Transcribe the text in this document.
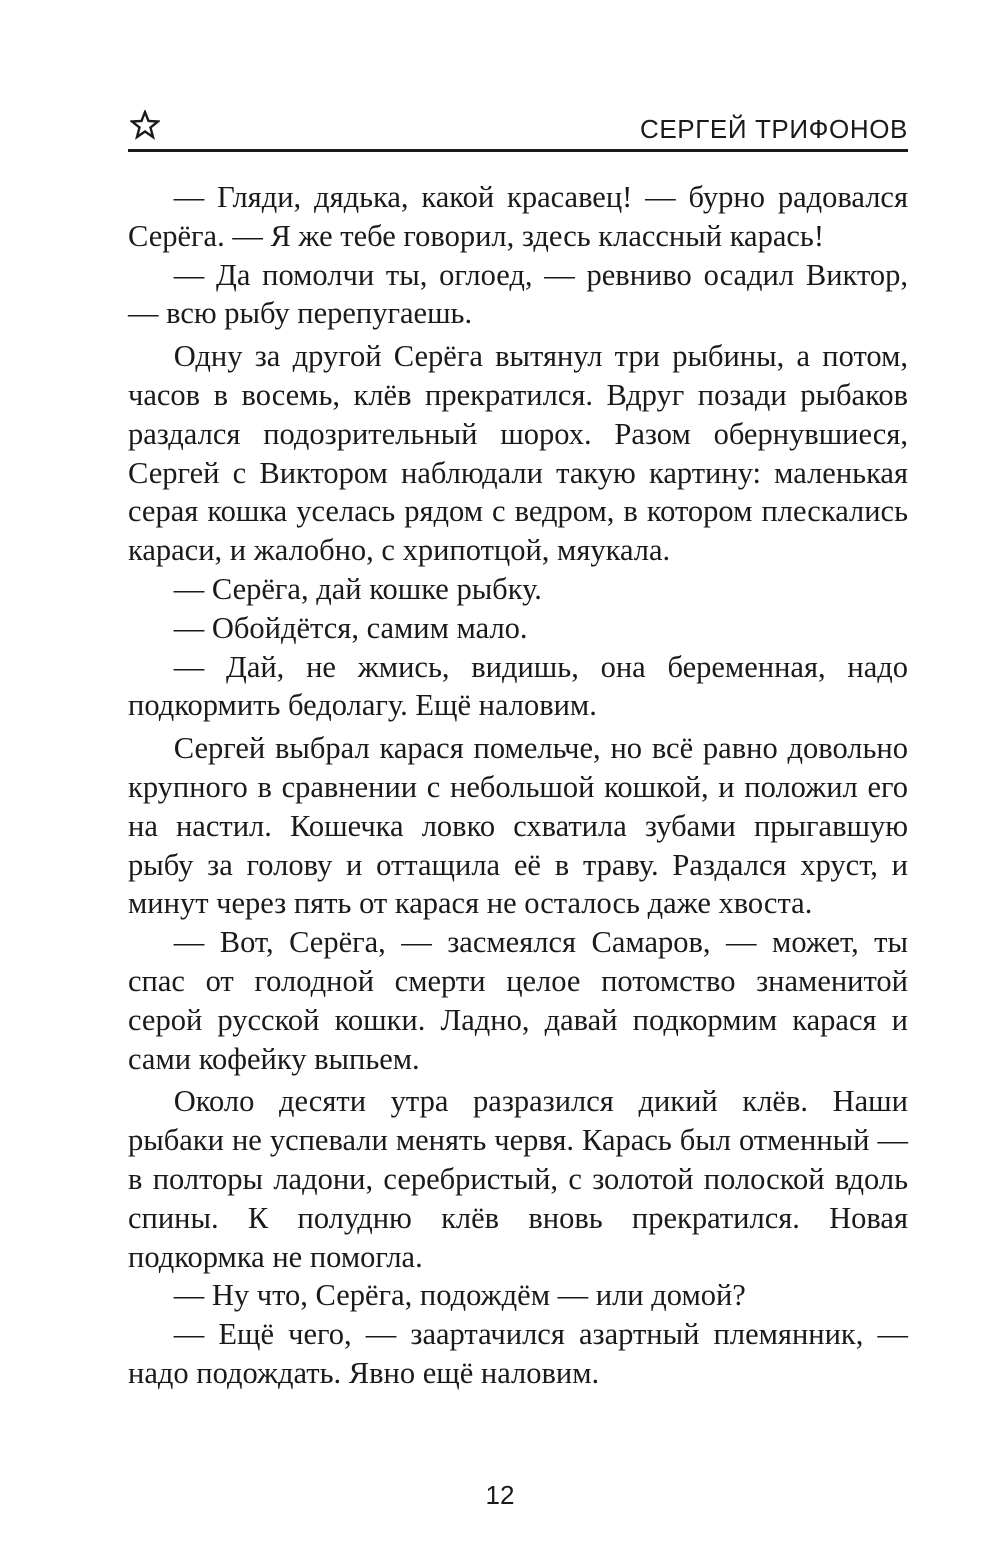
СЕРГЕЙ ТРИФОНОВ

— Гляди, дядька, какой красавец! — бурно радовался Серёга. — Я же тебе говорил, здесь классный карась!

— Да помолчи ты, оглоед, — ревниво осадил Виктор, — всю рыбу перепугаешь.

Одну за другой Серёга вытянул три рыбины, а потом, часов в восемь, клёв прекратился. Вдруг позади рыбаков раздался подозрительный шорох. Разом обернувшиеся, Сергей с Виктором наблюдали такую картину: маленькая серая кошка уселась рядом с ведром, в котором плескались караси, и жалобно, с хрипотцой, мяукала.

— Серёга, дай кошке рыбку.

— Обойдётся, самим мало.

— Дай, не жмись, видишь, она беременная, надо подкормить бедолагу. Ещё наловим.

Сергей выбрал карася помельче, но всё равно довольно крупного в сравнении с небольшой кошкой, и положил его на настил. Кошечка ловко схватила зубами прыгавшую рыбу за голову и оттащила её в траву. Раздался хруст, и минут через пять от карася не осталось даже хвоста.

— Вот, Серёга, — засмеялся Самаров, — может, ты спас от голодной смерти целое потомство знаменитой серой русской кошки. Ладно, давай подкормим карася и сами кофейку выпьем.

Около десяти утра разразился дикий клёв. Наши рыбаки не успевали менять червя. Карась был отменный — в полторы ладони, серебристый, с золотой полоской вдоль спины. К полудню клёв вновь прекратился. Новая подкормка не помогла.

— Ну что, Серёга, подождём — или домой?

— Ещё чего, — заартачился азартный племянник, — надо подождать. Явно ещё наловим.

12
